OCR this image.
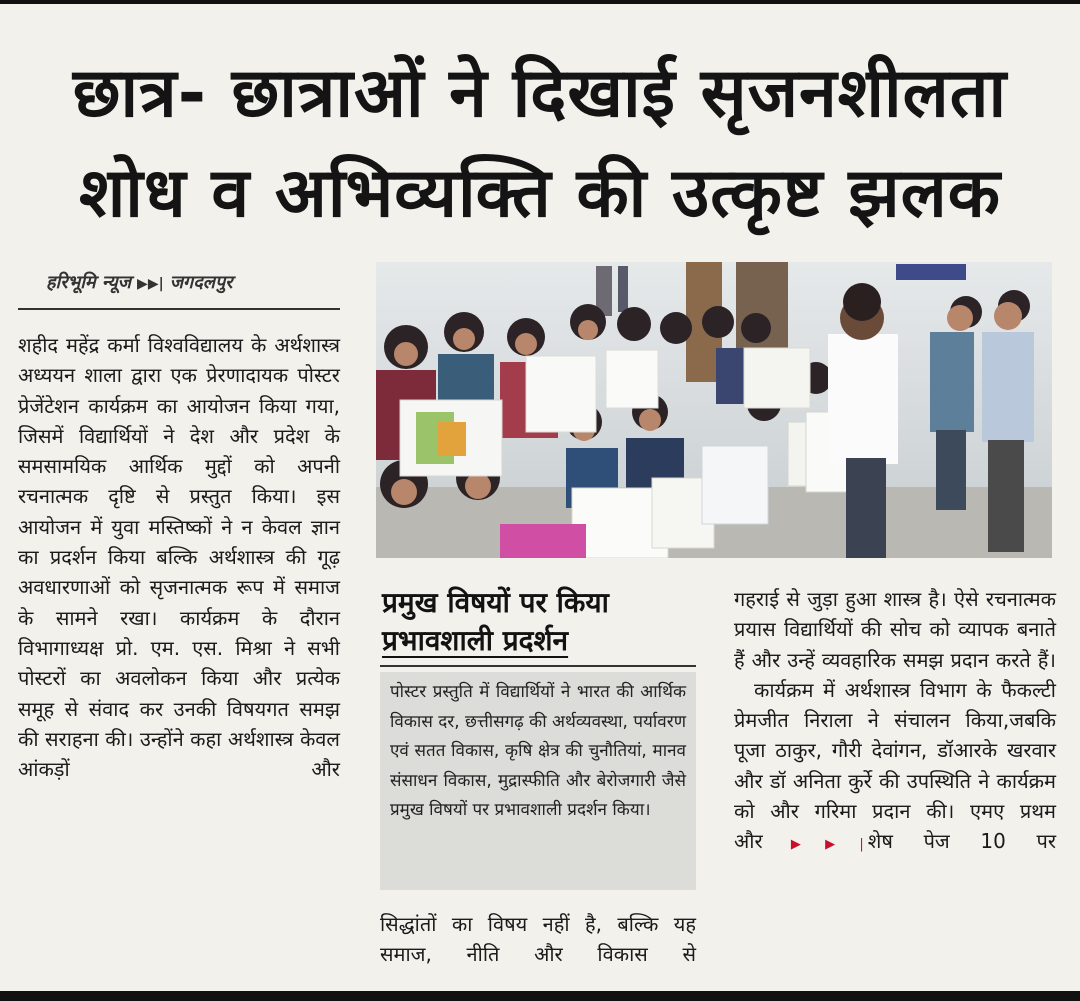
छात्र- छात्राओं ने दिखाई सृजनशीलता
शोध व अभिव्यक्ति की उत्कृष्ट झलक
हरिभूमि न्यूज ▶▶| जगदलपुर

शहीद महेंद्र कर्मा विश्वविद्यालय के अर्थशास्त्र अध्ययन शाला द्वारा एक प्रेरणादायक पोस्टर प्रेजेंटेशन कार्यक्रम का आयोजन किया गया, जिसमें विद्यार्थियों ने देश और प्रदेश के समसामयिक आर्थिक मुद्दों को अपनी रचनात्मक दृष्टि से प्रस्तुत किया। इस आयोजन में युवा मस्तिष्कों ने न केवल ज्ञान का प्रदर्शन किया बल्कि अर्थशास्त्र की गूढ़ अवधारणाओं को सृजनात्मक रूप में समाज के सामने रखा। कार्यक्रम के दौरान विभागाध्यक्ष प्रो. एम. एस. मिश्रा ने सभी पोस्टरों का अवलोकन किया और प्रत्येक समूह से संवाद कर उनकी विषयगत समझ की सराहना की। उन्होंने कहा अर्थशास्त्र केवल आंकड़ों और

प्रमुख विषयों पर किया
प्रभावशाली प्रदर्शन
पोस्टर प्रस्तुति में विद्यार्थियों ने भारत की आर्थिक विकास दर, छत्तीसगढ़ की अर्थव्यवस्था, पर्यावरण एवं सतत विकास, कृषि क्षेत्र की चुनौतियां, मानव संसाधन विकास, मुद्रास्फीति और बेरोजगारी जैसे प्रमुख विषयों पर प्रभावशाली प्रदर्शन किया।

सिद्धांतों का विषय नहीं है, बल्कि यह समाज, नीति और विकास से

गहराई से जुड़ा हुआ शास्त्र है। ऐसे रचनात्मक प्रयास विद्यार्थियों की सोच को व्यापक बनाते हैं और उन्हें व्यवहारिक समझ प्रदान करते हैं।
कार्यक्रम में अर्थशास्त्र विभाग के फैकल्टी प्रेमजीत निराला ने संचालन किया,जबकि पूजा ठाकुर, गौरी देवांगन, डॉआरके खरवार और डॉ अनिता कुर्रे की उपस्थिति ने कार्यक्रम को और गरिमा प्रदान की। एमए प्रथम और ▶▶| शेष पेज 10 पर
